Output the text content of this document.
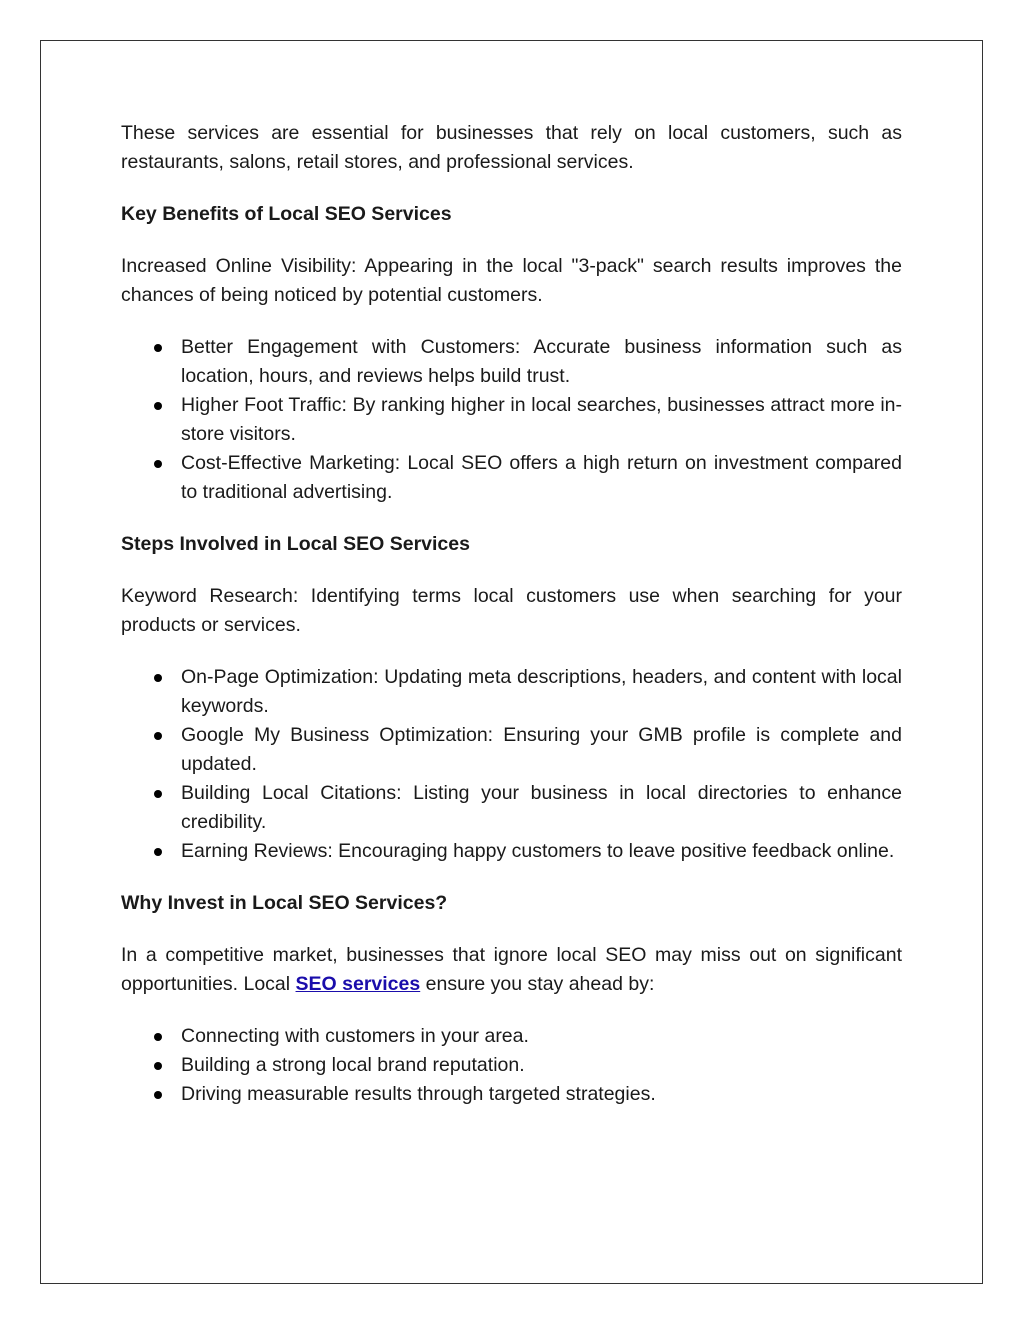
These services are essential for businesses that rely on local customers, such as restaurants, salons, retail stores, and professional services.

Key Benefits of Local SEO Services

Increased Online Visibility: Appearing in the local "3-pack" search results improves the chances of being noticed by potential customers.

Better Engagement with Customers: Accurate business information such as location, hours, and reviews helps build trust.
Higher Foot Traffic: By ranking higher in local searches, businesses attract more in-store visitors.
Cost-Effective Marketing: Local SEO offers a high return on investment compared to traditional advertising.

Steps Involved in Local SEO Services

Keyword Research: Identifying terms local customers use when searching for your products or services.

On-Page Optimization: Updating meta descriptions, headers, and content with local keywords.
Google My Business Optimization: Ensuring your GMB profile is complete and updated.
Building Local Citations: Listing your business in local directories to enhance credibility.
Earning Reviews: Encouraging happy customers to leave positive feedback online.

Why Invest in Local SEO Services?

In a competitive market, businesses that ignore local SEO may miss out on significant opportunities. Local SEO services ensure you stay ahead by:

Connecting with customers in your area.
Building a strong local brand reputation.
Driving measurable results through targeted strategies.
